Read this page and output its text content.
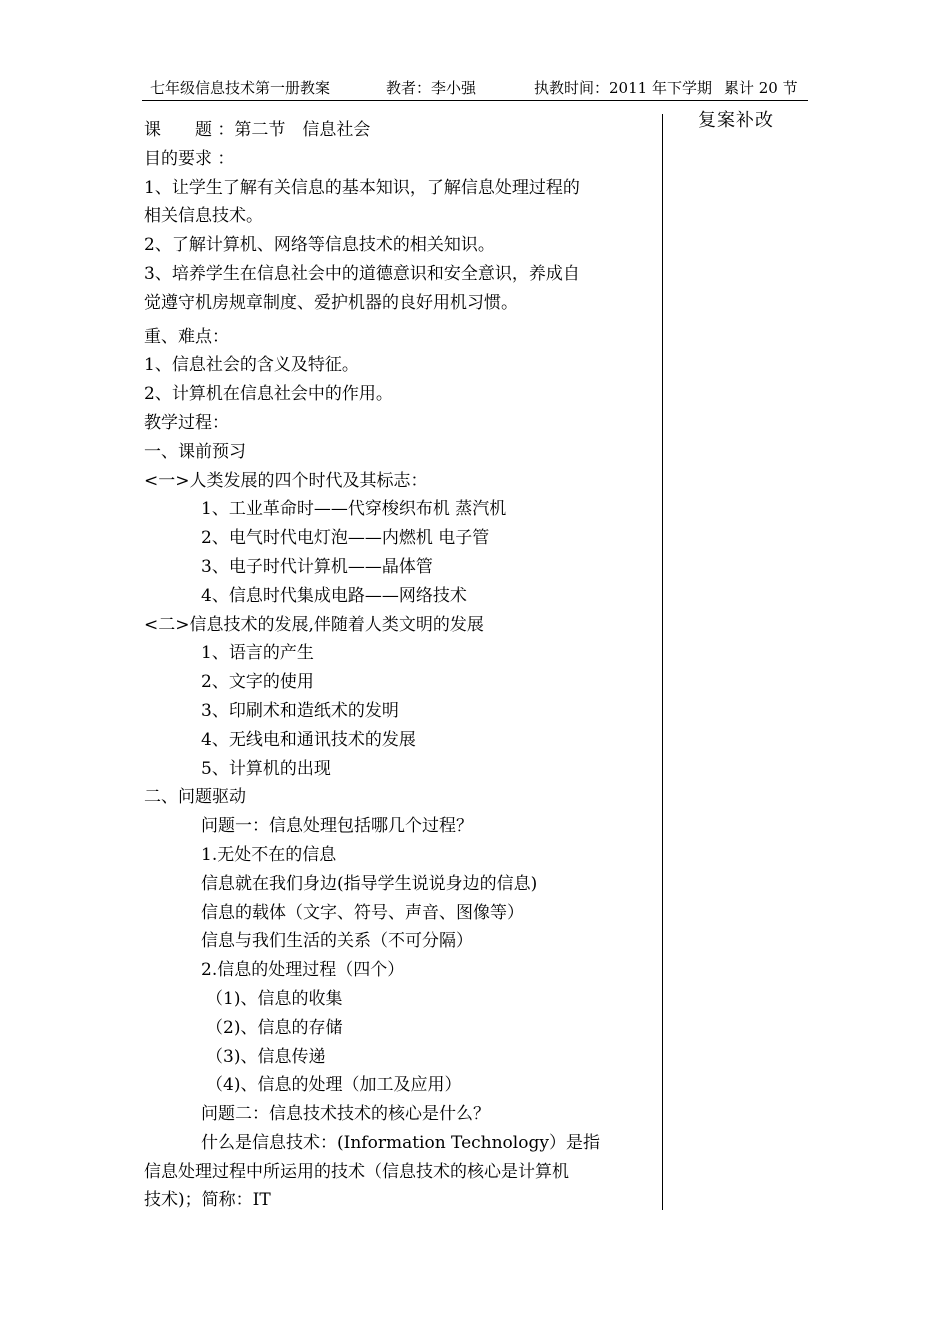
七年级信息技术第一册教案	教者：李小强	执教时间：2011 年下学期 累计 20 节
复案补改
课　　题 ：第二节　信息社会
目的要求 ：
1、让学生了解有关信息的基本知识，了解信息处理过程的
相关信息技术。
2、了解计算机、网络等信息技术的相关知识。
3、培养学生在信息社会中的道德意识和安全意识，养成自
觉遵守机房规章制度、爱护机器的良好用机习惯。
重、难点：
1、信息社会的含义及特征。
2、计算机在信息社会中的作用。
教学过程：
一、课前预习
<一>人类发展的四个时代及其标志：
1、工业革命时——代穿梭织布机 蒸汽机
2、电气时代电灯泡——内燃机 电子管
3、电子时代计算机——晶体管
4、信息时代集成电路——网络技术
<二>信息技术的发展,伴随着人类文明的发展
1、语言的产生
2、文字的使用
3、印刷术和造纸术的发明
4、无线电和通讯技术的发展
5、计算机的出现
二、问题驱动
问题一：信息处理包括哪几个过程？
1.无处不在的信息
信息就在我们身边(指导学生说说身边的信息)
信息的载体（文字、符号、声音、图像等）
信息与我们生活的关系（不可分隔）
2.信息的处理过程（四个）
（1)、信息的收集
（2)、信息的存储
（3)、信息传递
（4)、信息的处理（加工及应用）
问题二：信息技术技术的核心是什么？
什么是信息技术：(Information Technology）是指
信息处理过程中所运用的技术（信息技术的核心是计算机
技术)；简称：IT
